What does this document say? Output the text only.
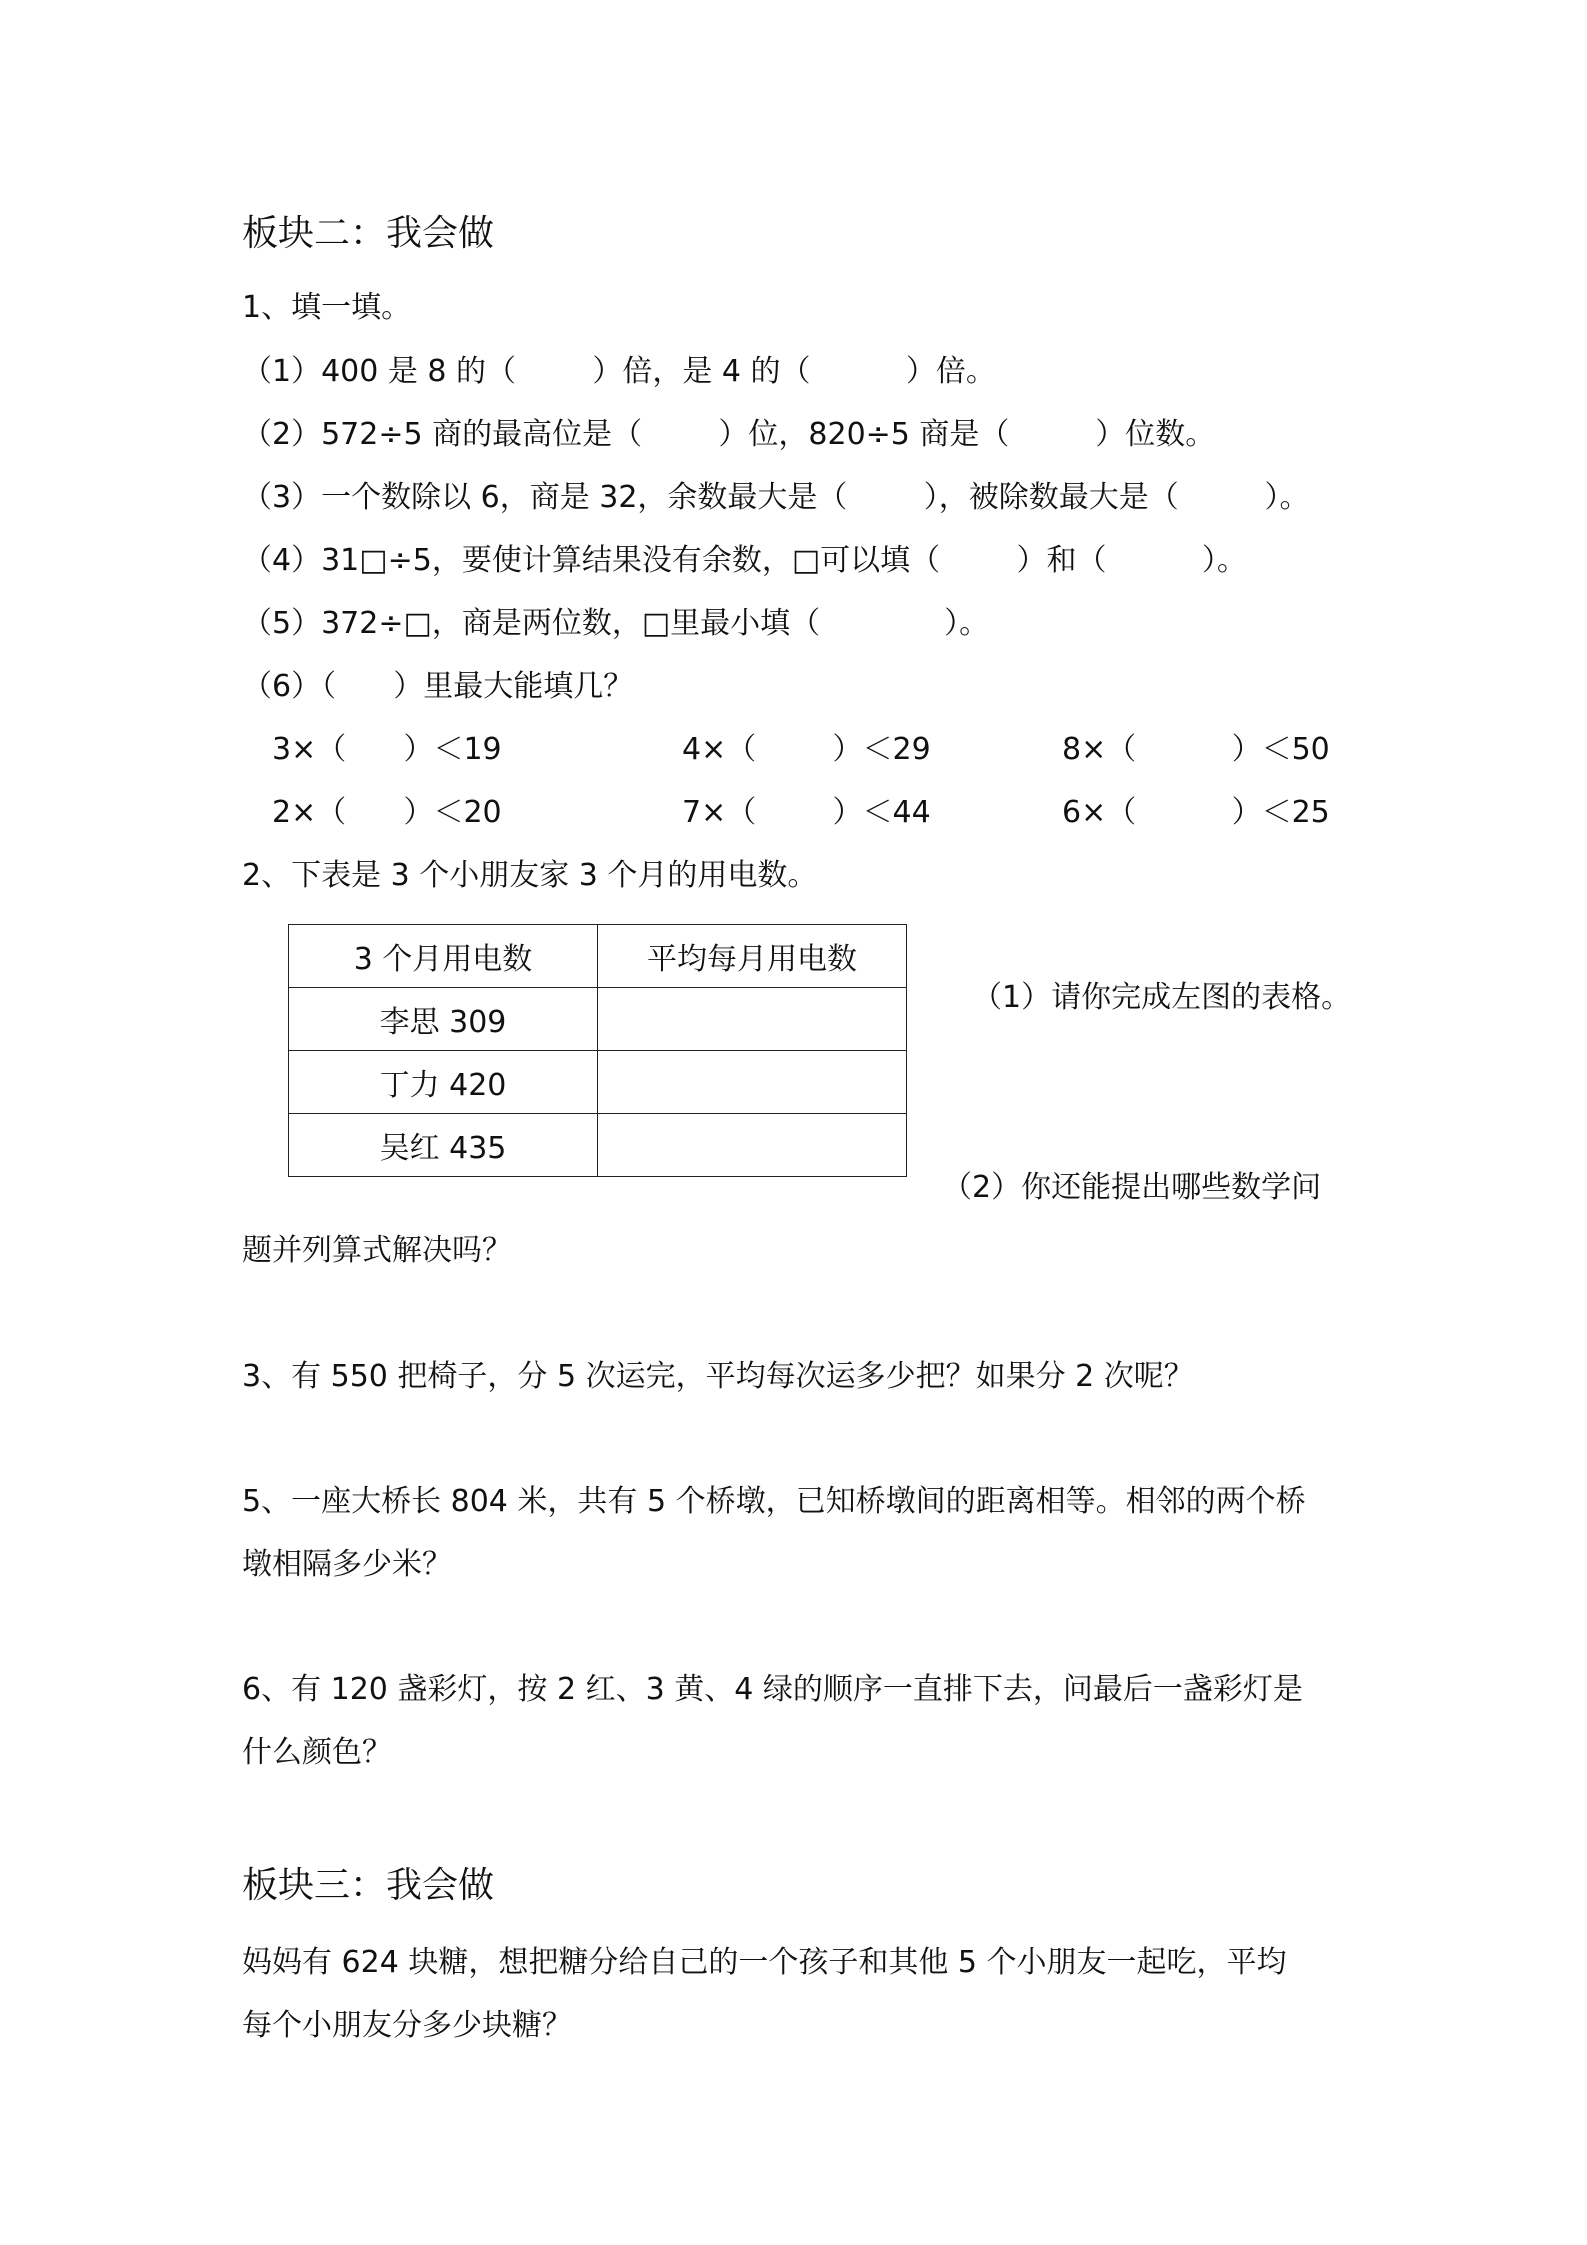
板块二：我会做
1、填一填。
（1）400 是 8 的（        ）倍，是 4 的（          ）倍。
（2）572÷5 商的最高位是（        ）位，820÷5 商是（         ）位数。
（3）一个数除以 6，商是 32，余数最大是（        ），被除数最大是（         ）。
（4）31□÷5，要使计算结果没有余数，□可以填（        ）和（          ）。
（5）372÷□，商是两位数，□里最小填（             ）。
（6）（      ）里最大能填几？
3×（      ）＜19	4×（        ）＜29	8×（          ）＜50
2×（      ）＜20	7×（        ）＜44	6×（          ）＜25
2、下表是 3 个小朋友家 3 个月的用电数。
3 个月用电数	平均每月用电数
李思 309	
丁力 420	
吴红 435	
（1）请你完成左图的表格。
（2）你还能提出哪些数学问
题并列算式解决吗？
3、有 550 把椅子，分 5 次运完，平均每次运多少把？如果分 2 次呢？
5、一座大桥长 804 米，共有 5 个桥墩，已知桥墩间的距离相等。相邻的两个桥
墩相隔多少米？
6、有 120 盏彩灯，按 2 红、3 黄、4 绿的顺序一直排下去，问最后一盏彩灯是
什么颜色？
板块三：我会做
妈妈有 624 块糖，想把糖分给自己的一个孩子和其他 5 个小朋友一起吃，平均
每个小朋友分多少块糖？
